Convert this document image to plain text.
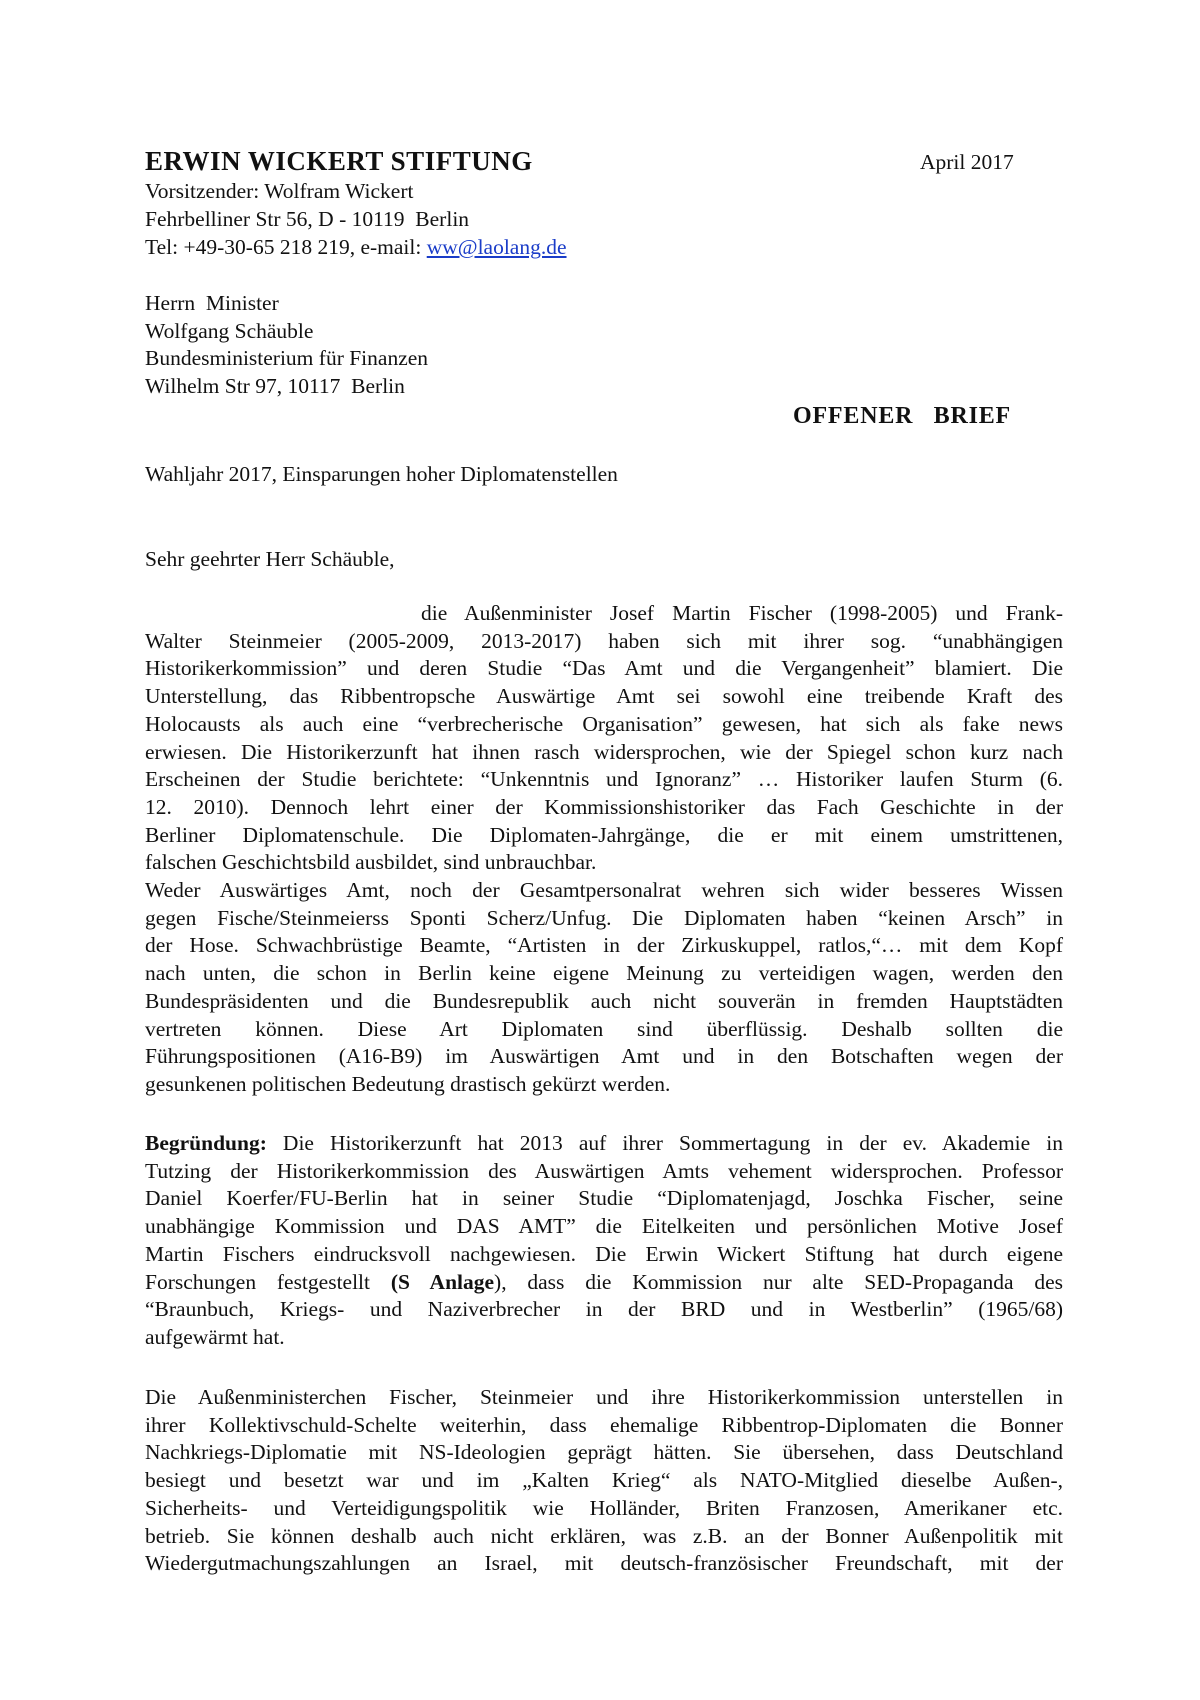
ERWIN WICKERT STIFTUNG	April 2017
Vorsitzender: Wolfram Wickert
Fehrbelliner Str 56, D - 10119  Berlin
Tel: +49-30-65 218 219, e-mail: ww@laolang.de
Herrn  Minister
Wolfgang Schäuble
Bundesministerium für Finanzen
Wilhelm Str 97, 10117  Berlin
OFFENER   BRIEF
Wahljahr 2017, Einsparungen hoher Diplomatenstellen
Sehr geehrter Herr Schäuble,
die Außenminister Josef Martin Fischer (1998-2005) und Frank-
Walter Steinmeier (2005-2009, 2013-2017) haben sich mit ihrer sog. “unabhängigen
Historikerkommission” und deren Studie “Das Amt und die Vergangenheit” blamiert. Die
Unterstellung, das Ribbentropsche Auswärtige Amt sei sowohl eine treibende Kraft des
Holocausts als auch eine “verbrecherische Organisation” gewesen, hat sich als fake news
erwiesen. Die Historikerzunft hat ihnen rasch widersprochen, wie der Spiegel schon kurz nach
Erscheinen der Studie berichtete: “Unkenntnis und Ignoranz” … Historiker laufen Sturm (6.
12. 2010). Dennoch lehrt einer der Kommissionshistoriker das Fach Geschichte in der
Berliner Diplomatenschule. Die Diplomaten-Jahrgänge, die er mit einem umstrittenen,
falschen Geschichtsbild ausbildet, sind unbrauchbar.
Weder Auswärtiges Amt, noch der Gesamtpersonalrat wehren sich wider besseres Wissen
gegen Fische/Steinmeierss Sponti Scherz/Unfug. Die Diplomaten haben “keinen Arsch” in
der Hose. Schwachbrüstige Beamte, “Artisten in der Zirkuskuppel, ratlos,“… mit dem Kopf
nach unten, die schon in Berlin keine eigene Meinung zu verteidigen wagen, werden den
Bundespräsidenten und die Bundesrepublik auch nicht souverän in fremden Hauptstädten
vertreten können. Diese Art Diplomaten sind überflüssig. Deshalb sollten die
Führungspositionen (A16-B9) im Auswärtigen Amt und in den Botschaften wegen der
gesunkenen politischen Bedeutung drastisch gekürzt werden.
Begründung: Die Historikerzunft hat 2013 auf ihrer Sommertagung in der ev. Akademie in
Tutzing der Historikerkommission des Auswärtigen Amts vehement widersprochen. Professor
Daniel Koerfer/FU-Berlin hat in seiner Studie “Diplomatenjagd, Joschka Fischer, seine
unabhängige Kommission und DAS AMT” die Eitelkeiten und persönlichen Motive Josef
Martin Fischers eindrucksvoll nachgewiesen. Die Erwin Wickert Stiftung hat durch eigene
Forschungen festgestellt (S Anlage), dass die Kommission nur alte SED-Propaganda des
“Braunbuch, Kriegs- und Naziverbrecher in der BRD und in Westberlin” (1965/68)
aufgewärmt hat.
Die Außenministerchen Fischer, Steinmeier und ihre Historikerkommission unterstellen in
ihrer Kollektivschuld-Schelte weiterhin, dass ehemalige Ribbentrop-Diplomaten die Bonner
Nachkriegs-Diplomatie mit NS-Ideologien geprägt hätten. Sie übersehen, dass Deutschland
besiegt und besetzt war und im „Kalten Krieg“ als NATO-Mitglied dieselbe Außen-,
Sicherheits- und Verteidigungspolitik wie Holländer, Briten Franzosen, Amerikaner etc.
betrieb. Sie können deshalb auch nicht erklären, was z.B. an der Bonner Außenpolitik mit
Wiedergutmachungszahlungen an Israel, mit deutsch-französischer Freundschaft, mit der
